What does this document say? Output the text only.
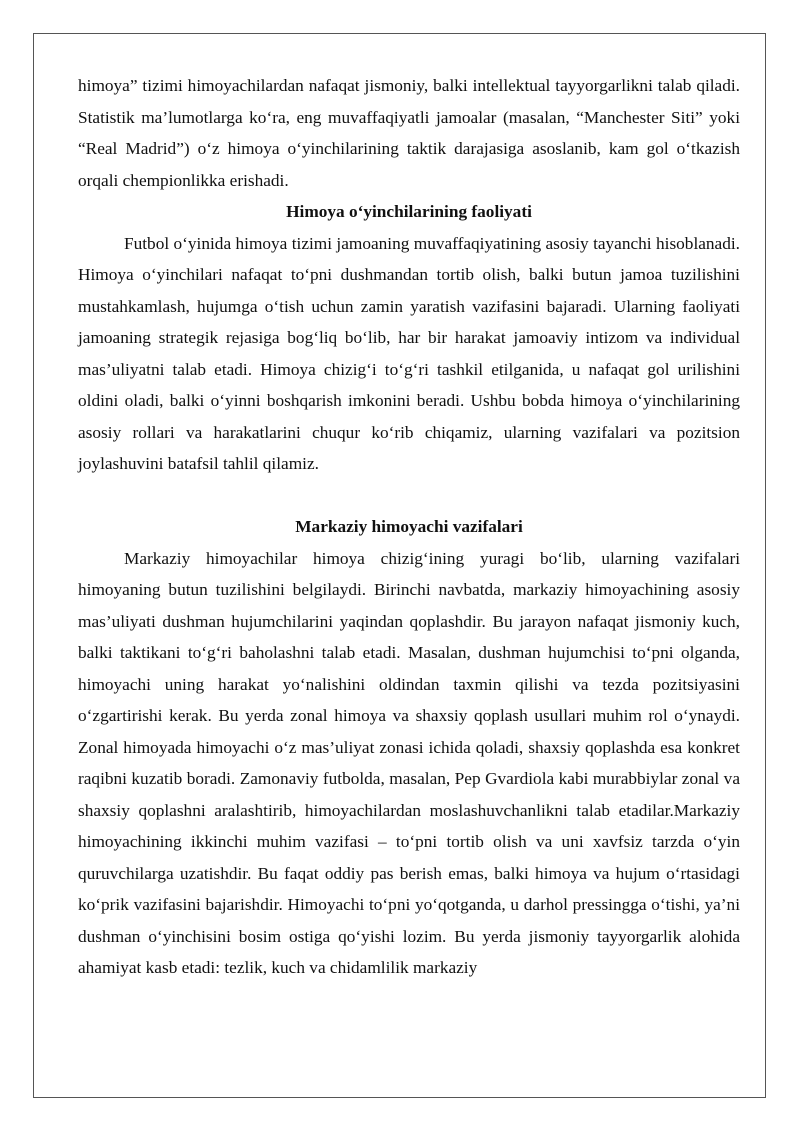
himoya” tizimi himoyachilardan nafaqat jismoniy, balki intellektual tayyorgarlikni talab qiladi. Statistik ma’lumotlarga ko‘ra, eng muvaffaqiyatli jamoalar (masalan, “Manchester Siti” yoki “Real Madrid”) o‘z himoya o‘yinchilarining taktik darajasiga asoslanib, kam gol o‘tkazish orqali chempionlikka erishadi.

Himoya o‘yinchilarining faoliyati

Futbol o‘yinida himoya tizimi jamoaning muvaffaqiyatining asosiy tayanchi hisoblanadi. Himoya o‘yinchilari nafaqat to‘pni dushmandan tortib olish, balki butun jamoa tuzilishini mustahkamlash, hujumga o‘tish uchun zamin yaratish vazifasini bajaradi. Ularning faoliyati jamoaning strategik rejasiga bog‘liq bo‘lib, har bir harakat jamoaviy intizom va individual mas’uliyatni talab etadi. Himoya chizig‘i to‘g‘ri tashkil etilganida, u nafaqat gol urilishini oldini oladi, balki o‘yinni boshqarish imkonini beradi. Ushbu bobda himoya o‘yinchilarining asosiy rollari va harakatlarini chuqur ko‘rib chiqamiz, ularning vazifalari va pozitsion joylashuvini batafsil tahlil qilamiz.

Markaziy himoyachi vazifalari

Markaziy himoyachilar himoya chizig‘ining yuragi bo‘lib, ularning vazifalari himoyaning butun tuzilishini belgilaydi. Birinchi navbatda, markaziy himoyachining asosiy mas’uliyati dushman hujumchilarini yaqindan qoplashdir. Bu jarayon nafaqat jismoniy kuch, balki taktikani to‘g‘ri baholashni talab etadi. Masalan, dushman hujumchisi to‘pni olganda, himoyachi uning harakat yo‘nalishini oldindan taxmin qilishi va tezda pozitsiyasini o‘zgartirishi kerak. Bu yerda zonal himoya va shaxsiy qoplash usullari muhim rol o‘ynaydi. Zonal himoyada himoyachi o‘z mas’uliyat zonasi ichida qoladi, shaxsiy qoplashda esa konkret raqibni kuzatib boradi. Zamonaviy futbolda, masalan, Pep Gvardiola kabi murabbiylar zonal va shaxsiy qoplashni aralashtirib, himoyachilardan moslashuvchanlikni talab etadilar.Markaziy himoyachining ikkinchi muhim vazifasi – to‘pni tortib olish va uni xavfsiz tarzda o‘yin quruvchilarga uzatishdir. Bu faqat oddiy pas berish emas, balki himoya va hujum o‘rtasidagi ko‘prik vazifasini bajarishdir. Himoyachi to‘pni yo‘qotganda, u darhol pressingga o‘tishi, ya’ni dushman o‘yinchisini bosim ostiga qo‘yishi lozim. Bu yerda jismoniy tayyorgarlik alohida ahamiyat kasb etadi: tezlik, kuch va chidamlilik markaziy
